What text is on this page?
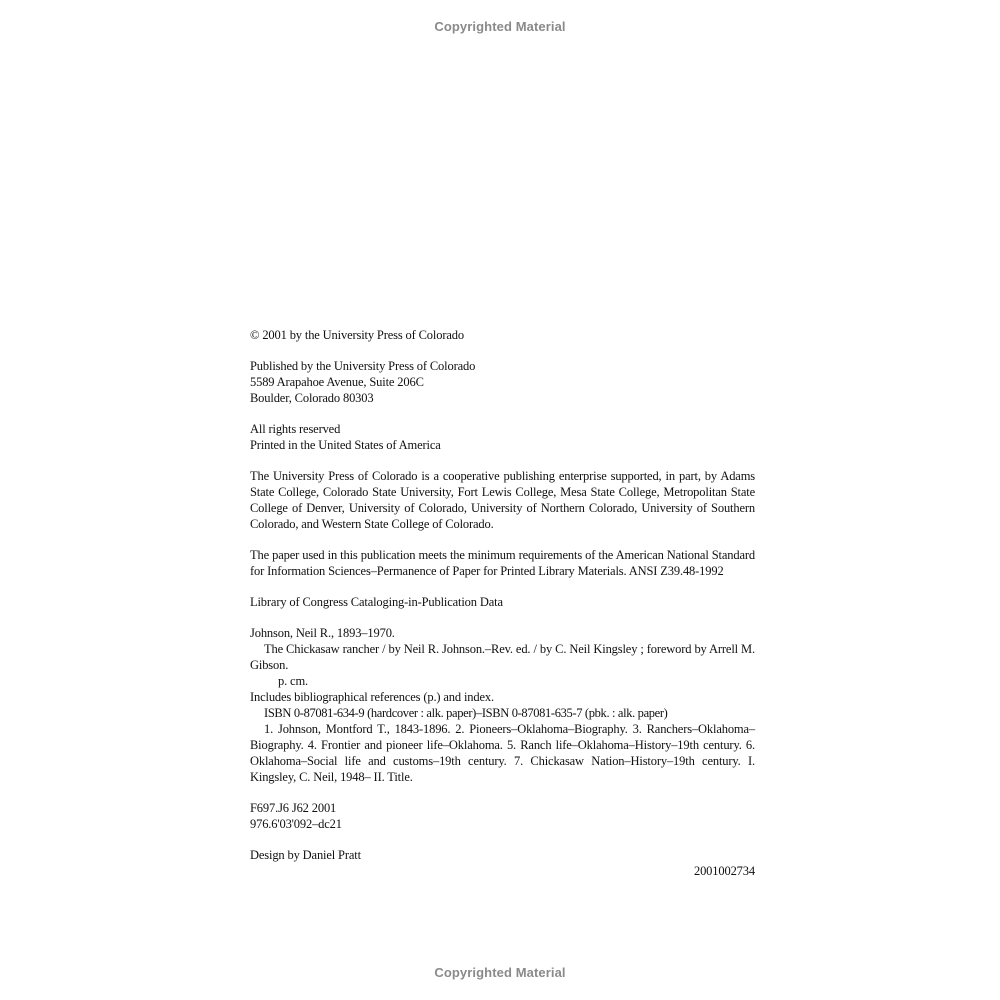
Copyrighted Material
© 2001 by the University Press of Colorado
Published by the University Press of Colorado
5589 Arapahoe Avenue, Suite 206C
Boulder, Colorado 80303
All rights reserved
Printed in the United States of America
The University Press of Colorado is a cooperative publishing enterprise supported, in part, by Adams State College, Colorado State University, Fort Lewis College, Mesa State College, Metropolitan State College of Denver, University of Colorado, University of Northern Colorado, University of Southern Colorado, and Western State College of Colorado.
The paper used in this publication meets the minimum requirements of the American National Standard for Information Sciences–Permanence of Paper for Printed Library Materials. ANSI Z39.48-1992
Library of Congress Cataloging-in-Publication Data
Johnson, Neil R., 1893–1970.
The Chickasaw rancher / by Neil R. Johnson.–Rev. ed. / by C. Neil Kingsley ; foreword by Arrell M. Gibson.
p. cm.
Includes bibliographical references (p.) and index.
ISBN 0-87081-634-9 (hardcover : alk. paper)–ISBN 0-87081-635-7 (pbk. : alk. paper)
1. Johnson, Montford T., 1843-1896. 2. Pioneers–Oklahoma–Biography. 3. Ranchers–Oklahoma–Biography. 4. Frontier and pioneer life–Oklahoma. 5. Ranch life–Oklahoma–History–19th century. 6. Oklahoma–Social life and customs–19th century. 7. Chickasaw Nation–History–19th century. I. Kingsley, C. Neil, 1948– II. Title.
F697.J6 J62 2001
976.6'03'092–dc21
Design by Daniel Pratt
2001002734
Copyrighted Material
